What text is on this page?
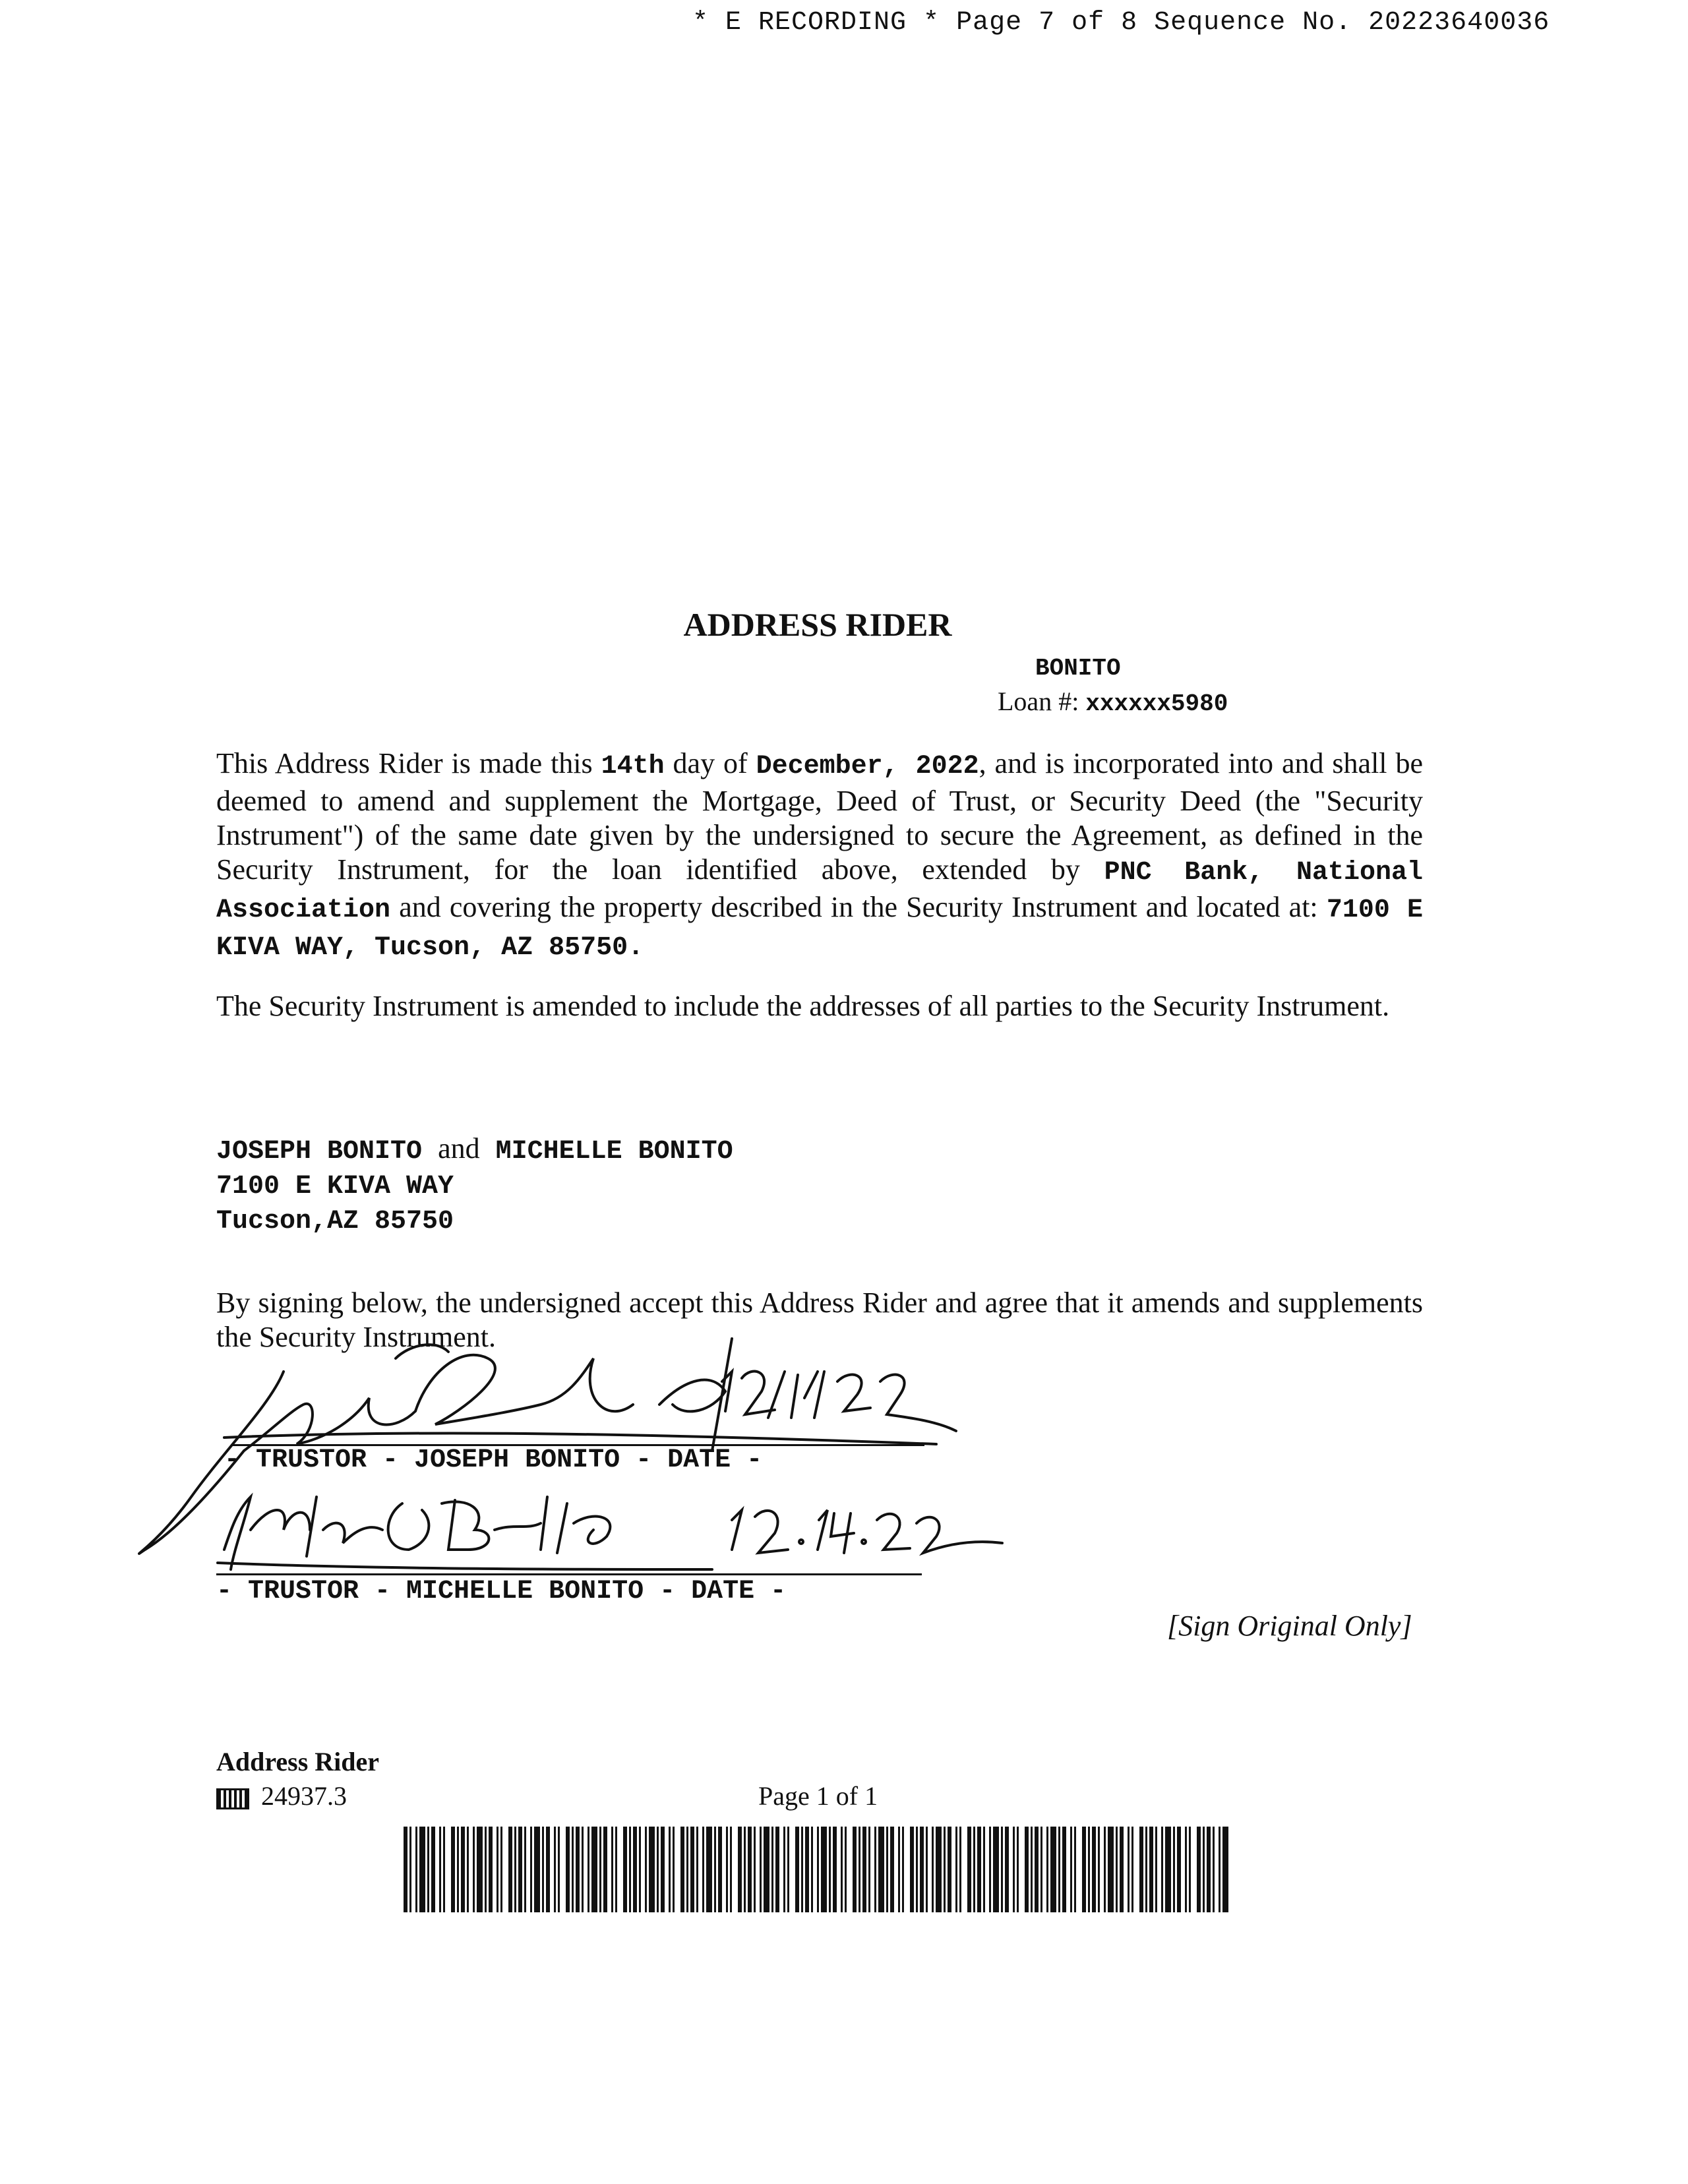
* E RECORDING * Page 7 of 8 Sequence No. 20223640036
ADDRESS RIDER
BONITO
Loan #: xxxxxx5980
This Address Rider is made this 14th day of December, 2022, and is incorporated into and shall be deemed to amend and supplement the Mortgage, Deed of Trust, or Security Deed (the "Security Instrument") of the same date given by the undersigned to secure the Agreement, as defined in the Security Instrument, for the loan identified above, extended by PNC Bank, National Association and covering the property described in the Security Instrument and located at: 7100 E KIVA WAY, Tucson, AZ 85750.
The Security Instrument is amended to include the addresses of all parties to the Security Instrument.
JOSEPH BONITO and MICHELLE BONITO
7100 E KIVA WAY
Tucson,AZ 85750
By signing below, the undersigned accept this Address Rider and agree that it amends and supplements the Security Instrument.
- TRUSTOR - JOSEPH BONITO - DATE -
- TRUSTOR - MICHELLE BONITO - DATE -
[Sign Original Only]
Address Rider
24937.3	Page 1 of 1
